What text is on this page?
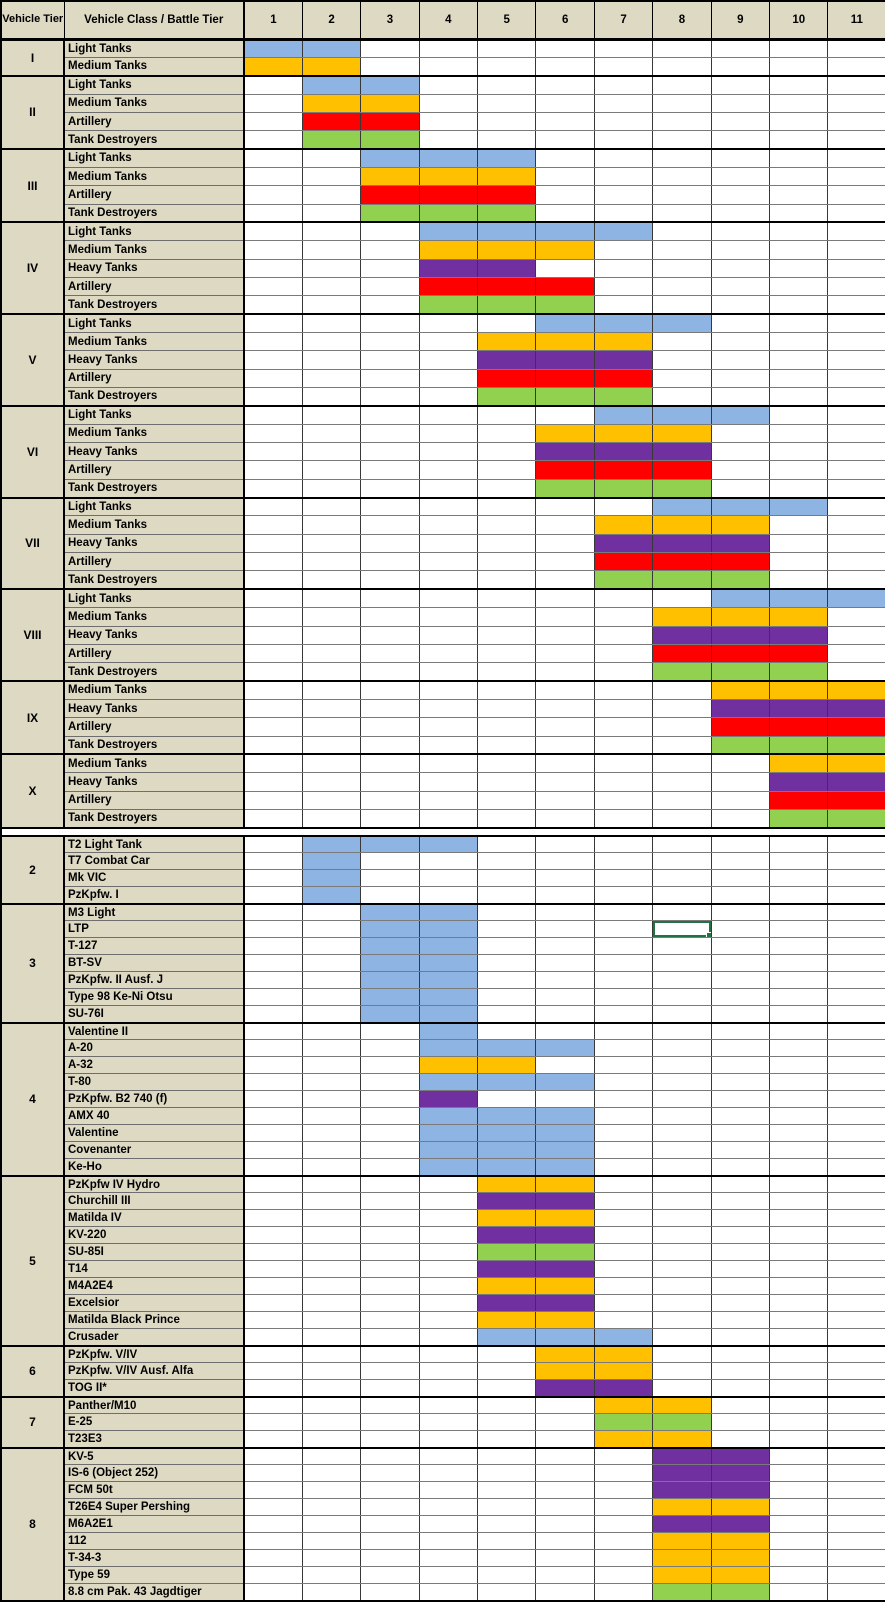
Vehicle Tier	Vehicle Class / Battle Tier	1	2	3	4	5	6	7	8	9	10	11
I	Light Tanks											
	Medium Tanks											
II	Light Tanks											
	Medium Tanks											
	Artillery											
	Tank Destroyers											
III	Light Tanks											
	Medium Tanks											
	Artillery											
	Tank Destroyers											
IV	Light Tanks											
	Medium Tanks											
	Heavy Tanks											
	Artillery											
	Tank Destroyers											
V	Light Tanks											
	Medium Tanks											
	Heavy Tanks											
	Artillery											
	Tank Destroyers											
VI	Light Tanks											
	Medium Tanks											
	Heavy Tanks											
	Artillery											
	Tank Destroyers											
VII	Light Tanks											
	Medium Tanks											
	Heavy Tanks											
	Artillery											
	Tank Destroyers											
VIII	Light Tanks											
	Medium Tanks											
	Heavy Tanks											
	Artillery											
	Tank Destroyers											
IX	Medium Tanks											
	Heavy Tanks											
	Artillery											
	Tank Destroyers											
X	Medium Tanks											
	Heavy Tanks											
	Artillery											
	Tank Destroyers											

2	T2 Light Tank											
	T7 Combat Car											
	Mk VIC											
	PzKpfw. I											
3	M3 Light											
	LTP								

	T-127											
	BT-SV											
	PzKpfw. II Ausf. J											
	Type 98 Ke-Ni Otsu											
	SU-76I											
4	Valentine II											
	A-20											
	A-32											
	T-80											
	PzKpfw. B2 740 (f)											
	AMX 40											
	Valentine											
	Covenanter											
	Ke-Ho											
5	PzKpfw IV Hydro											
	Churchill III											
	Matilda IV											
	KV-220											
	SU-85I											
	T14											
	M4A2E4											
	Excelsior											
	Matilda Black Prince											
	Crusader											
6	PzKpfw. V/IV											
	PzKpfw. V/IV Ausf. Alfa											
	TOG II*											
7	Panther/M10											
	E-25											
	T23E3											
8	KV-5											
	IS-6 (Object 252)											
	FCM 50t											
	T26E4 Super Pershing											
	M6A2E1											
	112											
	T-34-3											
	Type 59											
	8.8 cm Pak. 43 Jagdtiger											
